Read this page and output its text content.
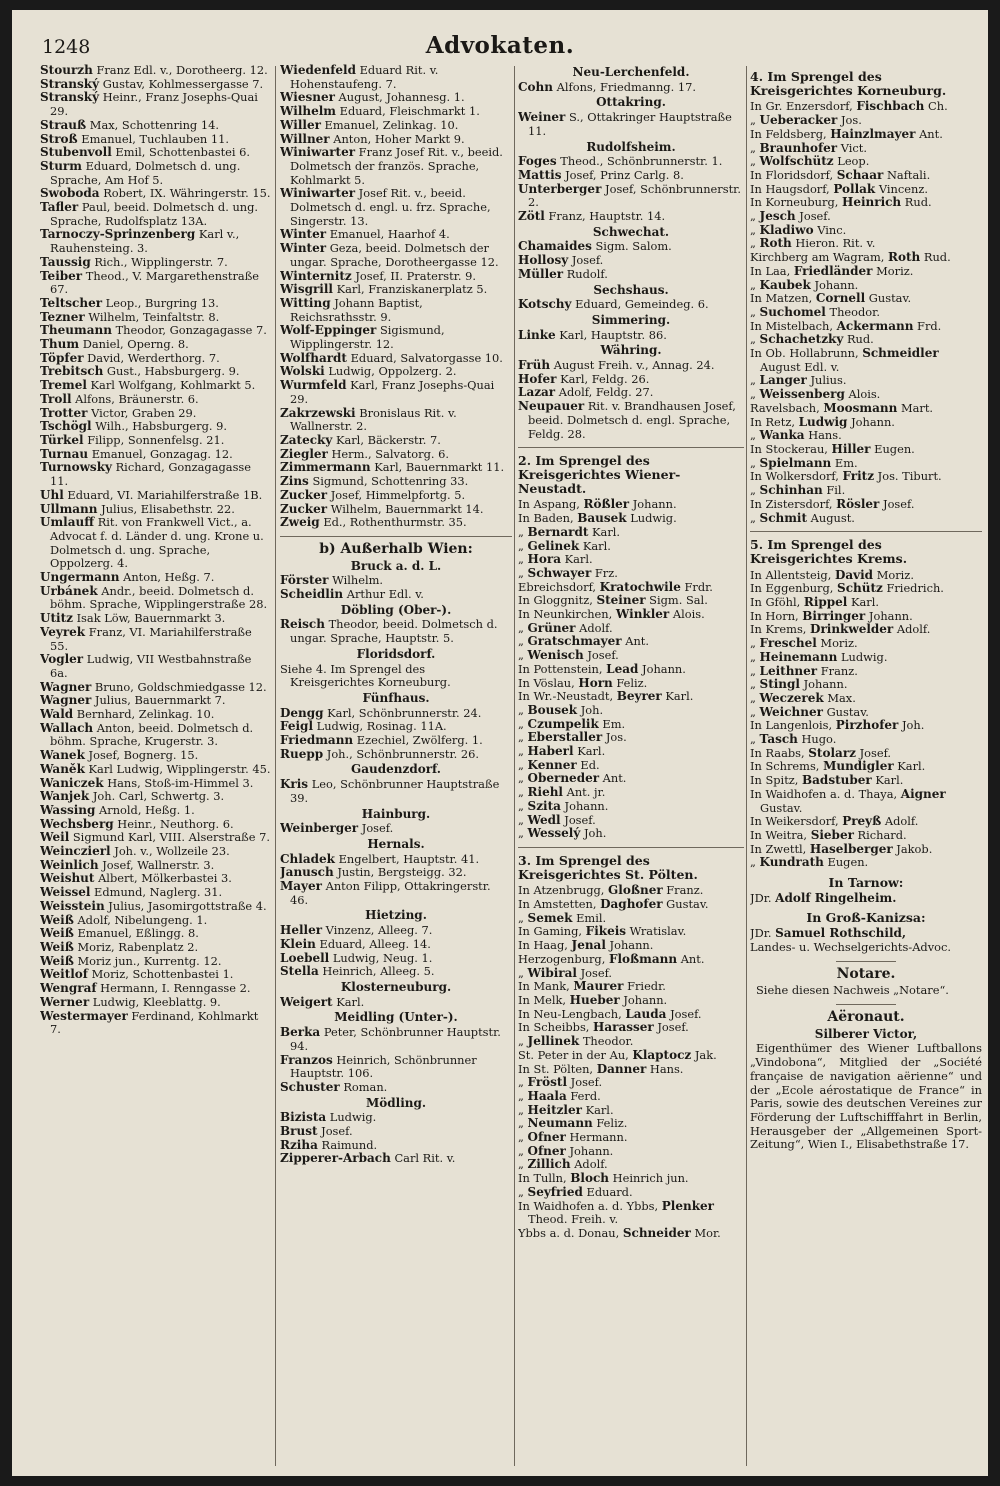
1248	Advokaten.

Stourzh Franz Edl. v., Dorotheerg. 12.

Stranský Gustav, Kohlmessergasse 7.

Stranský Heinr., Franz Josephs-Quai 29.

Strauß Max, Schottenring 14.

Stroß Emanuel, Tuchlauben 11.

Stubenvoll Emil, Schottenbastei 6.

Sturm Eduard, Dolmetsch d. ung. Sprache, Am Hof 5.

Swoboda Robert, IX. Währingerstr. 15.

Tafler Paul, beeid. Dolmetsch d. ung. Sprache, Rudolfsplatz 13A.

Tarnoczy-Sprinzenberg Karl v., Rauhensteing. 3.

Taussig Rich., Wipplingerstr. 7.

Teiber Theod., V. Margarethenstraße 67.

Teltscher Leop., Burgring 13.

Tezner Wilhelm, Teinfaltstr. 8.

Theumann Theodor, Gonzagagasse 7.

Thum Daniel, Operng. 8.

Töpfer David, Werderthorg. 7.

Trebitsch Gust., Habsburgerg. 9.

Tremel Karl Wolfgang, Kohlmarkt 5.

Troll Alfons, Bräunerstr. 6.

Trotter Victor, Graben 29.

Tschögl Wilh., Habsburgerg. 9.

Türkel Filipp, Sonnenfelsg. 21.

Turnau Emanuel, Gonzagag. 12.

Turnowsky Richard, Gonzagagasse 11.

Uhl Eduard, VI. Mariahilferstraße 1B.

Ullmann Julius, Elisabethstr. 22.

Umlauff Rit. von Frankwell Vict., a. Advocat f. d. Länder d. ung. Krone u. Dolmetsch d. ung. Sprache, Oppolzerg. 4.

Ungermann Anton, Heßg. 7.

Urbánek Andr., beeid. Dolmetsch d. böhm. Sprache, Wipplingerstraße 28.

Utitz Isak Löw, Bauernmarkt 3.

Veyrek Franz, VI. Mariahilferstraße 55.

Vogler Ludwig, VII Westbahnstraße 6a.

Wagner Bruno, Goldschmiedgasse 12.

Wagner Julius, Bauernmarkt 7.

Wald Bernhard, Zelinkag. 10.

Wallach Anton, beeid. Dolmetsch d. böhm. Sprache, Krugerstr. 3.

Wanek Josef, Bognerg. 15.

Waněk Karl Ludwig, Wipplingerstr. 45.

Waniczek Hans, Stoß-im-Himmel 3.

Wanjek Joh. Carl, Schwertg. 3.

Wassing Arnold, Heßg. 1.

Wechsberg Heinr., Neuthorg. 6.

Weil Sigmund Karl, VIII. Alserstraße 7.

Weinczierl Joh. v., Wollzeile 23.

Weinlich Josef, Wallnerstr. 3.

Weishut Albert, Mölkerbastei 3.

Weissel Edmund, Naglerg. 31.

Weisstein Julius, Jasomirgottstraße 4.

Weiß Adolf, Nibelungeng. 1.

Weiß Emanuel, Eßlingg. 8.

Weiß Moriz, Rabenplatz 2.

Weiß Moriz jun., Kurrentg. 12.

Weitlof Moriz, Schottenbastei 1.

Wengraf Hermann, I. Renngasse 2.

Werner Ludwig, Kleeblattg. 9.

Westermayer Ferdinand, Kohlmarkt 7.

Wiedenfeld Eduard Rit. v. Hohenstaufeng. 7.

Wiesner August, Johannesg. 1.

Wilhelm Eduard, Fleischmarkt 1.

Willer Emanuel, Zelinkag. 10.

Willner Anton, Hoher Markt 9.

Winiwarter Franz Josef Rit. v., beeid. Dolmetsch der französ. Sprache, Kohlmarkt 5.

Winiwarter Josef Rit. v., beeid. Dolmetsch d. engl. u. frz. Sprache, Singerstr. 13.

Winter Emanuel, Haarhof 4.

Winter Geza, beeid. Dolmetsch der ungar. Sprache, Dorotheergasse 12.

Winternitz Josef, II. Praterstr. 9.

Wisgrill Karl, Franziskanerplatz 5.

Witting Johann Baptist, Reichsrathsstr. 9.

Wolf-Eppinger Sigismund, Wipplingerstr. 12.

Wolfhardt Eduard, Salvatorgasse 10.

Wolski Ludwig, Oppolzerg. 2.

Wurmfeld Karl, Franz Josephs-Quai 29.

Zakrzewski Bronislaus Rit. v. Wallnerstr. 2.

Zatecky Karl, Bäckerstr. 7.

Ziegler Herm., Salvatorg. 6.

Zimmermann Karl, Bauernmarkt 11.

Zins Sigmund, Schottenring 33.

Zucker Josef, Himmelpfortg. 5.

Zucker Wilhelm, Bauernmarkt 14.

Zweig Ed., Rothenthurmstr. 35.

b) Außerhalb Wien:
Bruck a. d. L.

Förster Wilhelm.

Scheidlin Arthur Edl. v.

Döbling (Ober-).

Reisch Theodor, beeid. Dolmetsch d. ungar. Sprache, Hauptstr. 5.

Floridsdorf.

Siehe 4. Im Sprengel des Kreisgerichtes Korneuburg.

Fünfhaus.

Dengg Karl, Schönbrunnerstr. 24.

Feigl Ludwig, Rosinag. 11A.

Friedmann Ezechiel, Zwölferg. 1.

Ruepp Joh., Schönbrunnerstr. 26.

Gaudenzdorf.

Kris Leo, Schönbrunner Hauptstraße 39.

Hainburg.

Weinberger Josef.

Hernals.

Chladek Engelbert, Hauptstr. 41.

Janusch Justin, Bergsteigg. 32.

Mayer Anton Filipp, Ottakringerstr. 46.

Hietzing.

Heller Vinzenz, Alleeg. 7.

Klein Eduard, Alleeg. 14.

Loebell Ludwig, Neug. 1.

Stella Heinrich, Alleeg. 5.

Klosterneuburg.

Weigert Karl.

Meidling (Unter-).

Berka Peter, Schönbrunner Hauptstr. 94.

Franzos Heinrich, Schönbrunner Hauptstr. 106.

Schuster Roman.

Mödling.

Bizista Ludwig.

Brust Josef.

Rziha Raimund.

Zipperer-Arbach Carl Rit. v.

Neu-Lerchenfeld.

Cohn Alfons, Friedmanng. 17.

Ottakring.

Weiner S., Ottakringer Hauptstraße 11.

Rudolfsheim.

Foges Theod., Schönbrunnerstr. 1.

Mattis Josef, Prinz Carlg. 8.

Unterberger Josef, Schönbrunnerstr. 2.

Zötl Franz, Hauptstr. 14.

Schwechat.

Chamaides Sigm. Salom.

Hollosy Josef.

Müller Rudolf.

Sechshaus.

Kotschy Eduard, Gemeindeg. 6.

Simmering.

Linke Karl, Hauptstr. 86.

Währing.

Früh August Freih. v., Annag. 24.

Hofer Karl, Feldg. 26.

Lazar Adolf, Feldg. 27.

Neupauer Rit. v. Brandhausen Josef, beeid. Dolmetsch d. engl. Sprache, Feldg. 28.

2. Im Sprengel des Kreisgerichtes Wiener-Neustadt.

In Aspang, Rößler Johann.

In Baden, Bausek Ludwig.

„ Bernardt Karl.

„ Gelinek Karl.

„ Hora Karl.

„ Schwayer Frz.

Ebreichsdorf, Kratochwile Frdr.

In Gloggnitz, Steiner Sigm. Sal.

In Neunkirchen, Winkler Alois.

„ Grüner Adolf.

„ Gratschmayer Ant.

„ Wenisch Josef.

In Pottenstein, Lead Johann.

In Vöslau, Horn Feliz.

In Wr.-Neustadt, Beyrer Karl.

„ Bousek Joh.

„ Czumpelik Em.

„ Eberstaller Jos.

„ Haberl Karl.

„ Kenner Ed.

„ Oberneder Ant.

„ Riehl Ant. jr.

„ Szita Johann.

„ Wedl Josef.

„ Wesselý Joh.

3. Im Sprengel des Kreisgerichtes St. Pölten.

In Atzenbrugg, Gloßner Franz.

In Amstetten, Daghofer Gustav.

„ Semek Emil.

In Gaming, Fikeis Wratislav.

In Haag, Jenal Johann.

Herzogenburg, Floßmann Ant.

„ Wibiral Josef.

In Mank, Maurer Friedr.

In Melk, Hueber Johann.

In Neu-Lengbach, Lauda Josef.

In Scheibbs, Harasser Josef.

„ Jellinek Theodor.

St. Peter in der Au, Klaptocz Jak.

In St. Pölten, Danner Hans.

„ Fröstl Josef.

„ Haala Ferd.

„ Heitzler Karl.

„ Neumann Feliz.

„ Ofner Hermann.

„ Ofner Johann.

„ Zillich Adolf.

In Tulln, Bloch Heinrich jun.

„ Seyfried Eduard.

In Waidhofen a. d. Ybbs, Plenker Theod. Freih. v.

Ybbs a. d. Donau, Schneider Mor.

4. Im Sprengel des Kreisgerichtes Korneuburg.

In Gr. Enzersdorf, Fischbach Ch.

„ Ueberacker Jos.

In Feldsberg, Hainzlmayer Ant.

„ Braunhofer Vict.

„ Wolfschütz Leop.

In Floridsdorf, Schaar Naftali.

In Haugsdorf, Pollak Vincenz.

In Korneuburg, Heinrich Rud.

„ Jesch Josef.

„ Kladiwo Vinc.

„ Roth Hieron. Rit. v.

Kirchberg am Wagram, Roth Rud.

In Laa, Friedländer Moriz.

„ Kaubek Johann.

In Matzen, Cornell Gustav.

„ Suchomel Theodor.

In Mistelbach, Ackermann Frd.

„ Schachetzky Rud.

In Ob. Hollabrunn, Schmeidler August Edl. v.

„ Langer Julius.

„ Weissenberg Alois.

Ravelsbach, Moosmann Mart.

In Retz, Ludwig Johann.

„ Wanka Hans.

In Stockerau, Hiller Eugen.

„ Spielmann Em.

In Wolkersdorf, Fritz Jos. Tiburt.

„ Schinhan Fil.

In Zistersdorf, Rösler Josef.

„ Schmit August.

5. Im Sprengel des Kreisgerichtes Krems.

In Allentsteig, David Moriz.

In Eggenburg, Schütz Friedrich.

In Gföhl, Rippel Karl.

In Horn, Birringer Johann.

In Krems, Drinkwelder Adolf.

„ Freschel Moriz.

„ Heinemann Ludwig.

„ Leithner Franz.

„ Stingl Johann.

„ Weczerek Max.

„ Weichner Gustav.

In Langenlois, Pirzhofer Joh.

„ Tasch Hugo.

In Raabs, Stolarz Josef.

In Schrems, Mundigler Karl.

In Spitz, Badstuber Karl.

In Waidhofen a. d. Thaya, Aigner Gustav.

In Weikersdorf, Preyß Adolf.

In Weitra, Sieber Richard.

In Zwettl, Haselberger Jakob.

„ Kundrath Eugen.

In Tarnow:

JDr. Adolf Ringelheim.

In Groß-Kanizsa:

JDr. Samuel Rothschild,

Landes- u. Wechselgerichts-Advoc.

Notare.

Siehe diesen Nachweis „Notare“.

Aëronaut.
Silberer Victor,

Eigenthümer des Wiener Luftballons „Vindobona“, Mitglied der „Société française de navigation aërienne“ und der „Ecole aérostatique de France“ in Paris, sowie des deutschen Vereines zur Förderung der Luftschifffahrt in Berlin, Herausgeber der „Allgemeinen Sport-Zeitung“, Wien I., Elisabethstraße 17.
